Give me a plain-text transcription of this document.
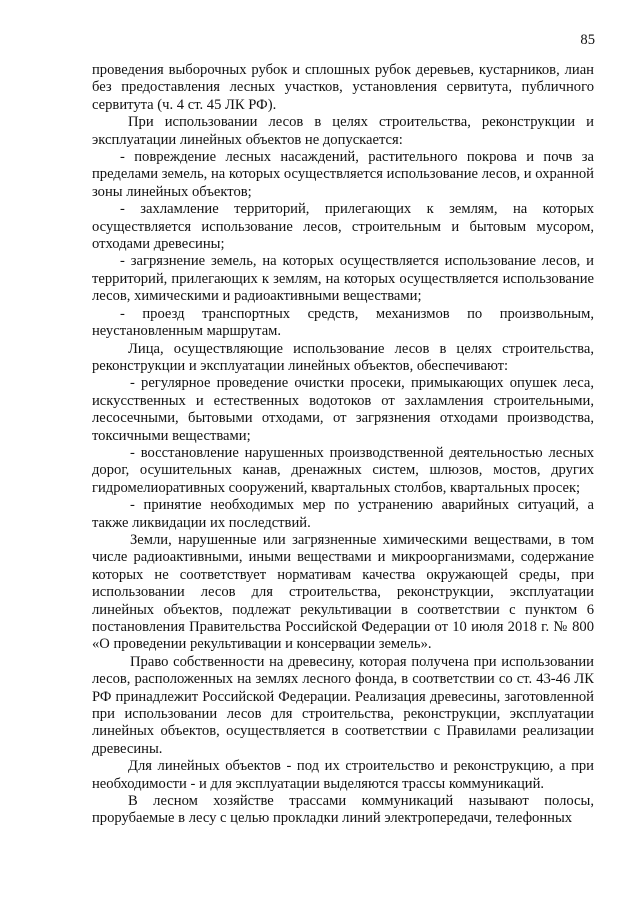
85

проведения выборочных рубок и сплошных рубок деревьев, кустарников, лиан без предоставления лесных участков, установления сервитута, публичного сервитута (ч. 4 ст. 45 ЛК РФ).

При использовании лесов в целях строительства, реконструкции и эксплуатации линейных объектов не допускается:

- повреждение лесных насаждений, растительного покрова и почв за пределами земель, на которых осуществляется использование лесов, и охранной зоны линейных объектов;

- захламление территорий, прилегающих к землям, на которых осуществляется использование лесов, строительным и бытовым мусором, отходами древесины;

- загрязнение земель, на которых осуществляется использование лесов, и территорий, прилегающих к землям, на которых осуществляется использование лесов, химическими и радиоактивными веществами;

- проезд транспортных средств, механизмов по произвольным, неустановленным маршрутам.

Лица, осуществляющие использование лесов в целях строительства, реконструкции и эксплуатации линейных объектов, обеспечивают:

- регулярное проведение очистки просеки, примыкающих опушек леса, искусственных и естественных водотоков от захламления строительными, лесосечными, бытовыми отходами, от загрязнения отходами производства, токсичными веществами;

- восстановление нарушенных производственной деятельностью лесных дорог, осушительных канав, дренажных систем, шлюзов, мостов, других гидромелиоративных сооружений, квартальных столбов, квартальных просек;

- принятие необходимых мер по устранению аварийных ситуаций, а также ликвидации их последствий.

Земли, нарушенные или загрязненные химическими веществами, в том числе радиоактивными, иными веществами и микроорганизмами, содержание которых не соответствует нормативам качества окружающей среды, при использовании лесов для строительства, реконструкции, эксплуатации линейных объектов, подлежат рекультивации в соответствии с пунктом 6 постановления Правительства Российской Федерации от 10 июля 2018 г. № 800 «О проведении рекультивации и консервации земель».

Право собственности на древесину, которая получена при использовании лесов, расположенных на землях лесного фонда, в соответствии со ст. 43-46 ЛК РФ принадлежит Российской Федерации. Реализация древесины, заготовленной при использовании лесов для строительства, реконструкции, эксплуатации линейных объектов, осуществляется в соответствии с Правилами реализации древесины.

Для линейных объектов - под их строительство и реконструкцию, а при необходимости - и для эксплуатации выделяются трассы коммуникаций.

В лесном хозяйстве трассами коммуникаций называют полосы, прорубаемые в лесу с целью прокладки линий электропередачи, телефонных
